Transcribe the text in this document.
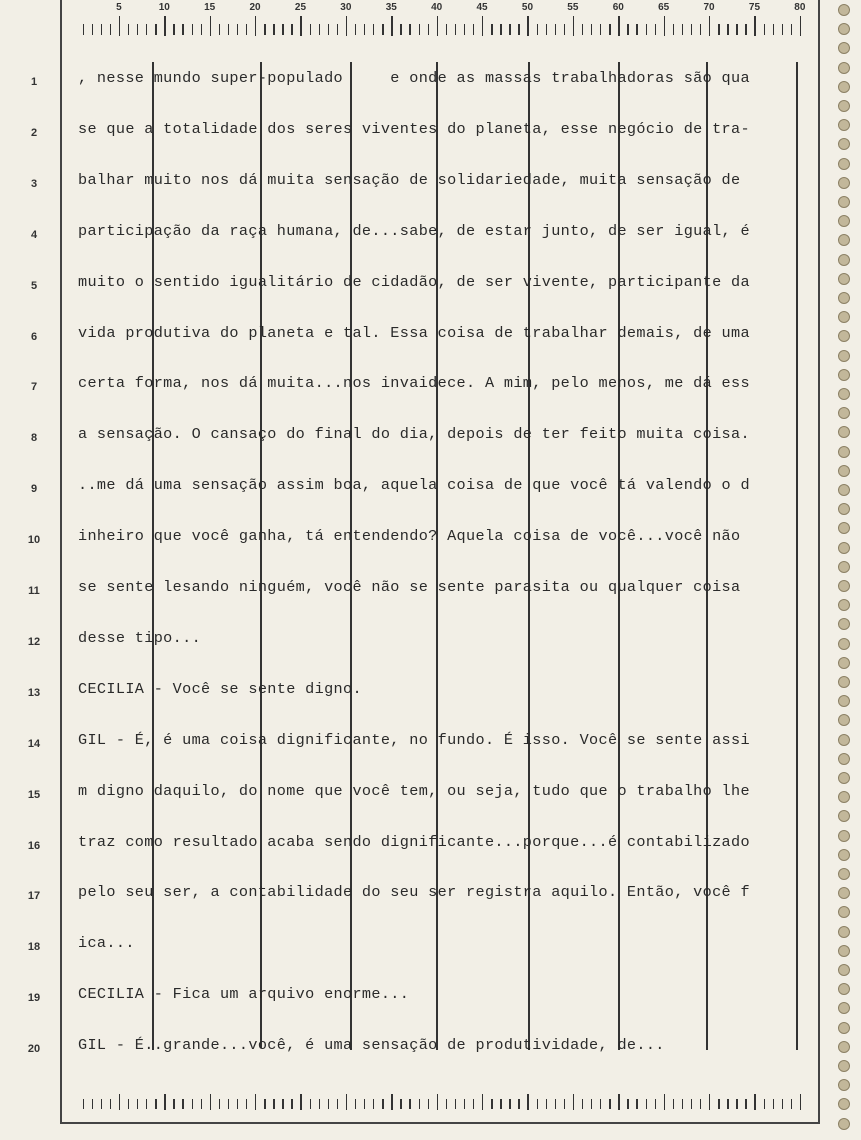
5	10	15	20	25	30	35	40	45	50	55	60	65	70	75	80
1
2
3
4
5
6
7
8
9
10
11
12
13
14
15
16
17
18
19
20
, nesse mundo super-populado     e onde as massas trabalhadoras são qua
se que a totalidade dos seres viventes do planeta, esse negócio de tra-
balhar muito nos dá muita sensação de solidariedade, muita sensação de
participação da raça humana, de...sabe, de estar junto, de ser igual, é
muito o sentido igualitário de cidadão, de ser vivente, participante da
vida produtiva do planeta e tal. Essa coisa de trabalhar demais, de uma
certa forma, nos dá muita...nos invaidece. A mim, pelo menos, me dá ess
a sensação. O cansaço do final do dia, depois de ter feito muita coisa.
..me dá uma sensação assim boa, aquela coisa de que você tá valendo o d
inheiro que você ganha, tá entendendo? Aquela coisa de você...você não
se sente lesando ninguém, você não se sente parasita ou qualquer coisa
desse tipo...
CECILIA - Você se sente digno.
GIL - É, é uma coisa dignificante, no fundo. É isso. Você se sente assi
m digno daquilo, do nome que você tem, ou seja, tudo que o trabalho lhe
traz como resultado acaba sendo dignificante...porque...é contabilizado
pelo seu ser, a contabilidade do seu ser registra aquilo. Então, você f
ica...
CECILIA - Fica um arquivo enorme...
GIL - É..grande...você, é uma sensação de produtividade, de...
